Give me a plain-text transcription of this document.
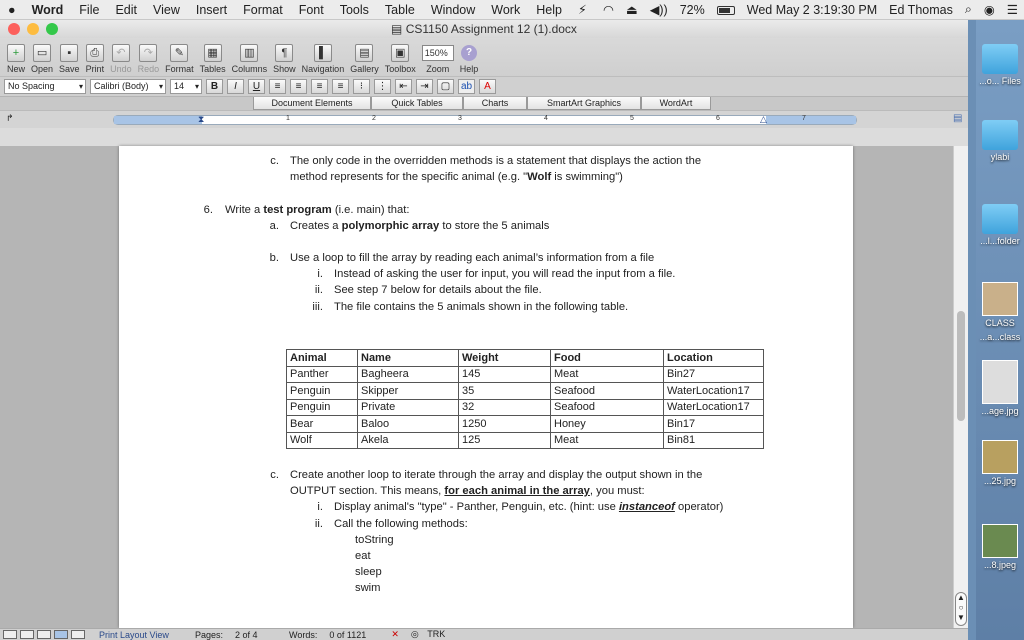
...o... Files
ylabi
...l...folder
CLASS
...a...class
...age.jpg
...25.jpg
...8.jpeg
●	Word	File	Edit	View	Insert	Format	Font	Tools	Table	Window	Work	Help	⚡	◠ ⏏ ◀)) 72%	Wed May 2 3:19:30 PM Ed Thomas ⌕ ◉ ☰
▤ CS1150 Assignment 12 (1).docx
+
New
▭
Open
▪
Save
⎙
Print
↶
Undo
↷
Redo
✎
Format
▦
Tables
▥
Columns
¶
Show
▌
Navigation
▤
Gallery
▣
Toolbox
150%
Zoom
?
Help
No Spacing ▾	Calibri (Body) ▾	14 ▾	B	I	U	≡	≡	≡	≡	⁝	⋮	⇤	⇥	▢	ab	A
Document Elements	Quick Tables	Charts	SmartArt Graphics	WordArt
↱	1	2	3	4	5	6	7
⧗	△	▤
c. The only code in the overridden methods is a statement that displays the action the
method represents for the specific animal (e.g. "Wolf is swimming")
6. Write a test program (i.e. main) that:
a. Creates a polymorphic array to store the 5 animals
b. Use a loop to fill the array by reading each animal’s information from a file
i. Instead of asking the user for input, you will read the input from a file.
ii. See step 7 below for details about the file.
iii. The file contains the 5 animals shown in the following table.
Animal	Name	Weight	Food	Location
Panther	Bagheera	145	Meat	Bin27
Penguin	Skipper	35	Seafood	WaterLocation17
Penguin	Private	32	Seafood	WaterLocation17
Bear	Baloo	1250	Honey	Bin17
Wolf	Akela	125	Meat	Bin81
c. Create another loop to iterate through the array and display the output shown in the
OUTPUT section. This means, for each animal in the array, you must:
i. Display animal's "type" - Panther, Penguin, etc. (hint: use instanceof operator)
ii. Call the following methods:
toString
eat
sleep
swim
▲
○
▼
Print Layout View	Pages:	2 of 4	Words:	0 of 1121	✕	◎ TRK
